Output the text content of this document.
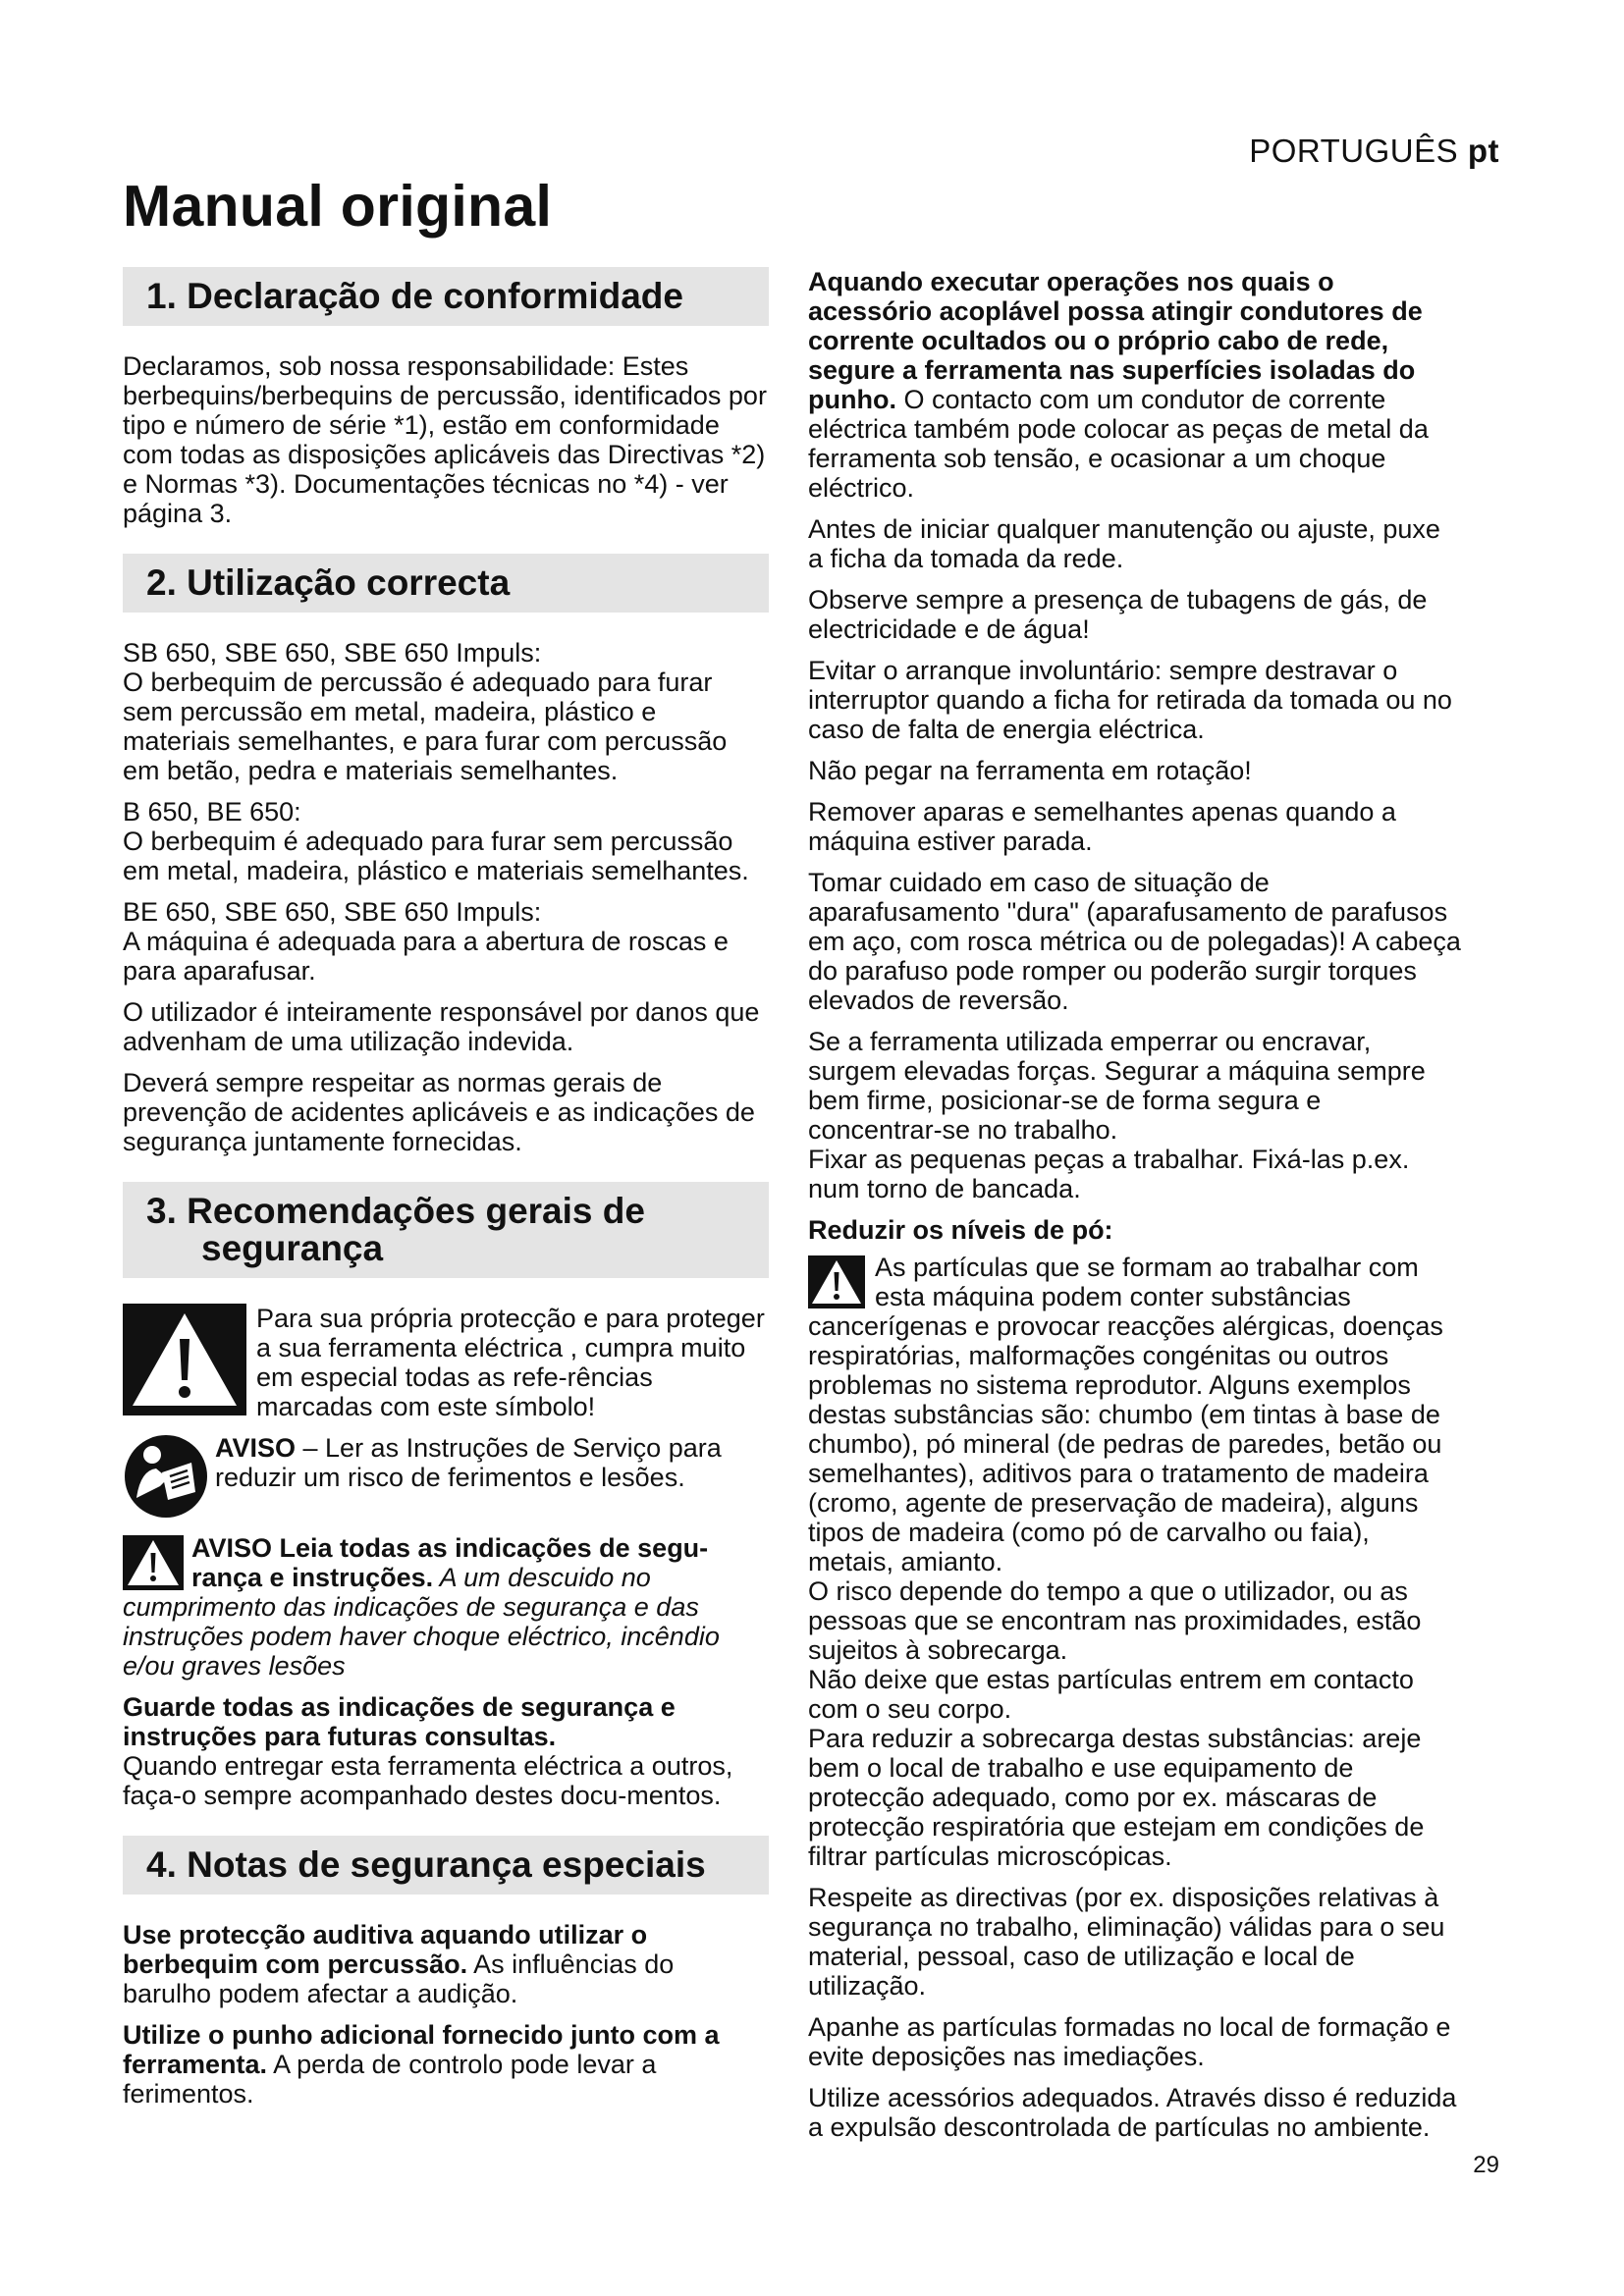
PORTUGUÊS pt
Manual original
1. Declaração de conformidade

Declaramos, sob nossa responsabilidade: Estes berbequins/berbequins de percussão, identificados por tipo e número de série *1), estão em conformidade com todas as disposições aplicáveis das Directivas *2) e Normas *3). Documentações técnicas no *4) - ver página 3.

2. Utilização correcta

SB 650, SBE 650, SBE 650 Impuls:
O berbequim de percussão é adequado para furar sem percussão em metal, madeira, plástico e materiais semelhantes, e para furar com percussão em betão, pedra e materiais semelhantes.

B 650, BE 650:
O berbequim é adequado para furar sem percussão em metal, madeira, plástico e materiais semelhantes.

BE 650, SBE 650, SBE 650 Impuls:
A máquina é adequada para a abertura de roscas e para aparafusar.

O utilizador é inteiramente responsável por danos que advenham de uma utilização indevida.

Deverá sempre respeitar as normas gerais de prevenção de acidentes aplicáveis e as indicações de segurança juntamente fornecidas.

3. Recomendações gerais de
segurança

Para sua própria protecção e para proteger a sua ferramenta eléctrica , cumpra muito em especial todas as refe-rências marcadas com este símbolo!

AVISO – Ler as Instruções de Serviço para reduzir um risco de ferimentos e lesões.

AVISO Leia todas as indicações de segu-rança e instruções. A um descuido no cumprimento das indicações de segurança e das instruções podem haver choque eléctrico, incêndio e/ou graves lesões

Guarde todas as indicações de segurança e instruções para futuras consultas.
Quando entregar esta ferramenta eléctrica a outros, faça-o sempre acompanhado destes docu-mentos.

4. Notas de segurança especiais

Use protecção auditiva aquando utilizar o berbequim com percussão. As influências do barulho podem afectar a audição.

Utilize o punho adicional fornecido junto com a ferramenta. A perda de controlo pode levar a ferimentos.

Aquando executar operações nos quais o acessório acoplável possa atingir condutores de corrente ocultados ou o próprio cabo de rede, segure a ferramenta nas superfícies isoladas do punho. O contacto com um condutor de corrente eléctrica também pode colocar as peças de metal da ferramenta sob tensão, e ocasionar a um choque eléctrico.

Antes de iniciar qualquer manutenção ou ajuste, puxe a ficha da tomada da rede.

Observe sempre a presença de tubagens de gás, de electricidade e de água!

Evitar o arranque involuntário: sempre destravar o interruptor quando a ficha for retirada da tomada ou no caso de falta de energia eléctrica.

Não pegar na ferramenta em rotação!

Remover aparas e semelhantes apenas quando a máquina estiver parada.

Tomar cuidado em caso de situação de aparafusamento "dura" (aparafusamento de parafusos em aço, com rosca métrica ou de polegadas)! A cabeça do parafuso pode romper ou poderão surgir torques elevados de reversão.

Se a ferramenta utilizada emperrar ou encravar, surgem elevadas forças. Segurar a máquina sempre bem firme, posicionar-se de forma segura e concentrar-se no trabalho.

Fixar as pequenas peças a trabalhar. Fixá-las p.ex. num torno de bancada.

Reduzir os níveis de pó:

As partículas que se formam ao trabalhar com esta máquina podem conter substâncias cancerígenas e provocar reacções alérgicas, doenças respiratórias, malformações congénitas ou outros problemas no sistema reprodutor. Alguns exemplos destas substâncias são: chumbo (em tintas à base de chumbo), pó mineral (de pedras de paredes, betão ou semelhantes), aditivos para o tratamento de madeira (cromo, agente de preservação de madeira), alguns tipos de madeira (como pó de carvalho ou faia), metais, amianto.

O risco depende do tempo a que o utilizador, ou as pessoas que se encontram nas proximidades, estão sujeitos à sobrecarga.

Não deixe que estas partículas entrem em contacto com o seu corpo.

Para reduzir a sobrecarga destas substâncias: areje bem o local de trabalho e use equipamento de protecção adequado, como por ex. máscaras de protecção respiratória que estejam em condições de filtrar partículas microscópicas.

Respeite as directivas (por ex. disposições relativas à segurança no trabalho, eliminação) válidas para o seu material, pessoal, caso de utilização e local de utilização.

Apanhe as partículas formadas no local de formação e evite deposições nas imediações.

Utilize acessórios adequados. Através disso é reduzida a expulsão descontrolada de partículas no ambiente.

29
